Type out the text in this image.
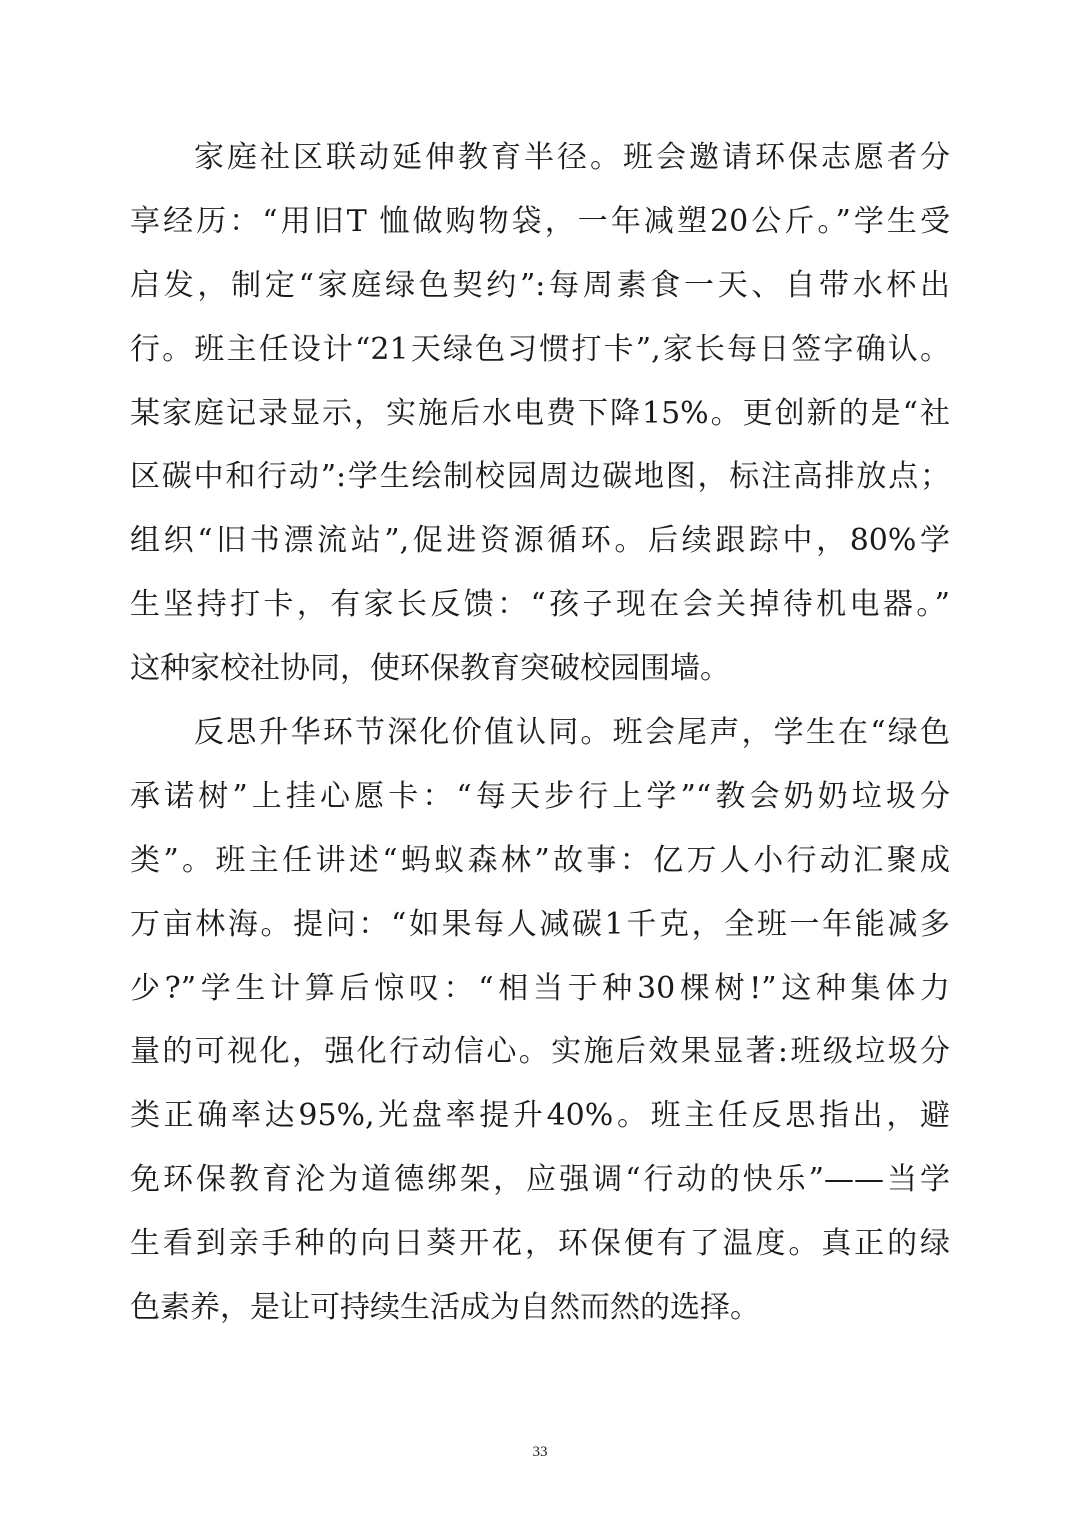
家庭社区联动延伸教育半径。班会邀请环保志愿者分
享经历：“用旧T 恤做购物袋，一年减塑20公斤。”学生受
启发，制定“家庭绿色契约”:每周素食一天、自带水杯出
行。班主任设计“21天绿色习惯打卡”,家长每日签字确认。
某家庭记录显示，实施后水电费下降15%。更创新的是“社
区碳中和行动”:学生绘制校园周边碳地图，标注高排放点；
组织“旧书漂流站”,促进资源循环。后续跟踪中，80%学
生坚持打卡，有家长反馈：“孩子现在会关掉待机电器。”
这种家校社协同，使环保教育突破校园围墙。
反思升华环节深化价值认同。班会尾声，学生在“绿色
承诺树”上挂心愿卡：“每天步行上学”“教会奶奶垃圾分
类”。班主任讲述“蚂蚁森林”故事：亿万人小行动汇聚成
万亩林海。提问：“如果每人减碳1千克，全班一年能减多
少?”学生计算后惊叹：“相当于种30棵树!”这种集体力
量的可视化，强化行动信心。实施后效果显著:班级垃圾分
类正确率达95%,光盘率提升40%。班主任反思指出，避
免环保教育沦为道德绑架，应强调“行动的快乐”——当学
生看到亲手种的向日葵开花，环保便有了温度。真正的绿
色素养，是让可持续生活成为自然而然的选择。
33
